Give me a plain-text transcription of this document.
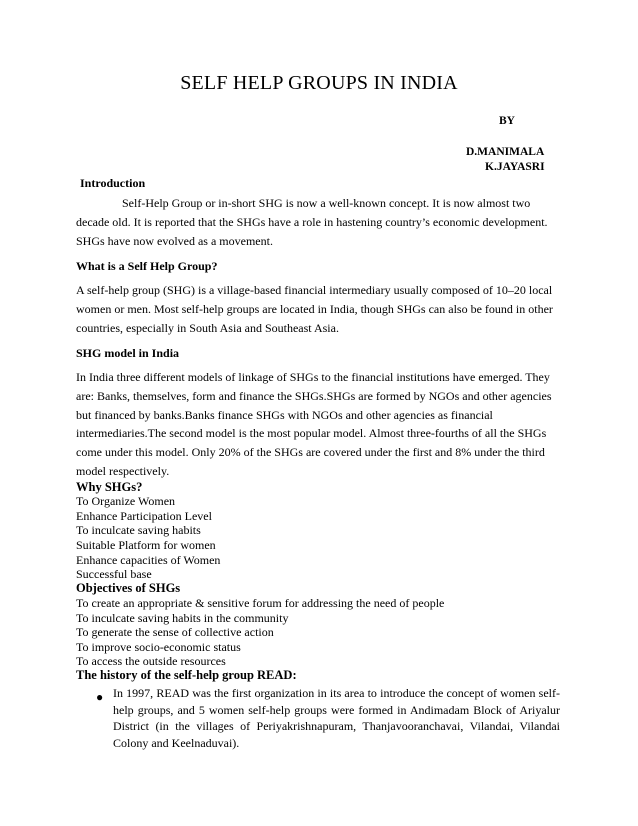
SELF HELP GROUPS IN INDIA
BY
D.MANIMALA
K.JAYASRI
Introduction

Self-Help Group or in-short SHG is now a well-known concept. It is now almost two decade old. It is reported that the SHGs have a role in hastening country’s economic development. SHGs have now evolved as a movement.

What is a Self Help Group?

A self-help group (SHG) is a village-based financial intermediary usually composed of 10–20 local women or men. Most self-help groups are located in India, though SHGs can also be found in other countries, especially in South Asia and Southeast Asia.

SHG model in India

In India three different models of linkage of SHGs to the financial institutions have emerged. They are: Banks, themselves, form and finance the SHGs.SHGs are formed by NGOs and other agencies but financed by banks.Banks finance SHGs with NGOs and other agencies as financial intermediaries.The second model is the most popular model. Almost three-fourths of all the SHGs come under this model. Only 20% of the SHGs are covered under the first and 8% under the third model respectively.

Why SHGs?
To Organize Women
Enhance Participation Level
To inculcate saving habits
Suitable Platform for women
Enhance capacities of Women
Successful base
Objectives of SHGs
To create an appropriate & sensitive forum for addressing the need of people
To inculcate saving habits in the community
To generate the sense of collective action
To improve socio-economic status
To access the outside resources
The history of the self-help group READ:
● In 1997, READ was the first organization in its area to introduce the concept of women self-help groups, and 5 women self-help groups were formed in Andimadam Block of Ariyalur District (in the villages of Periyakrishnapuram, Thanjavooranchavai, Vilandai, Vilandai Colony and Keelnaduvai).
